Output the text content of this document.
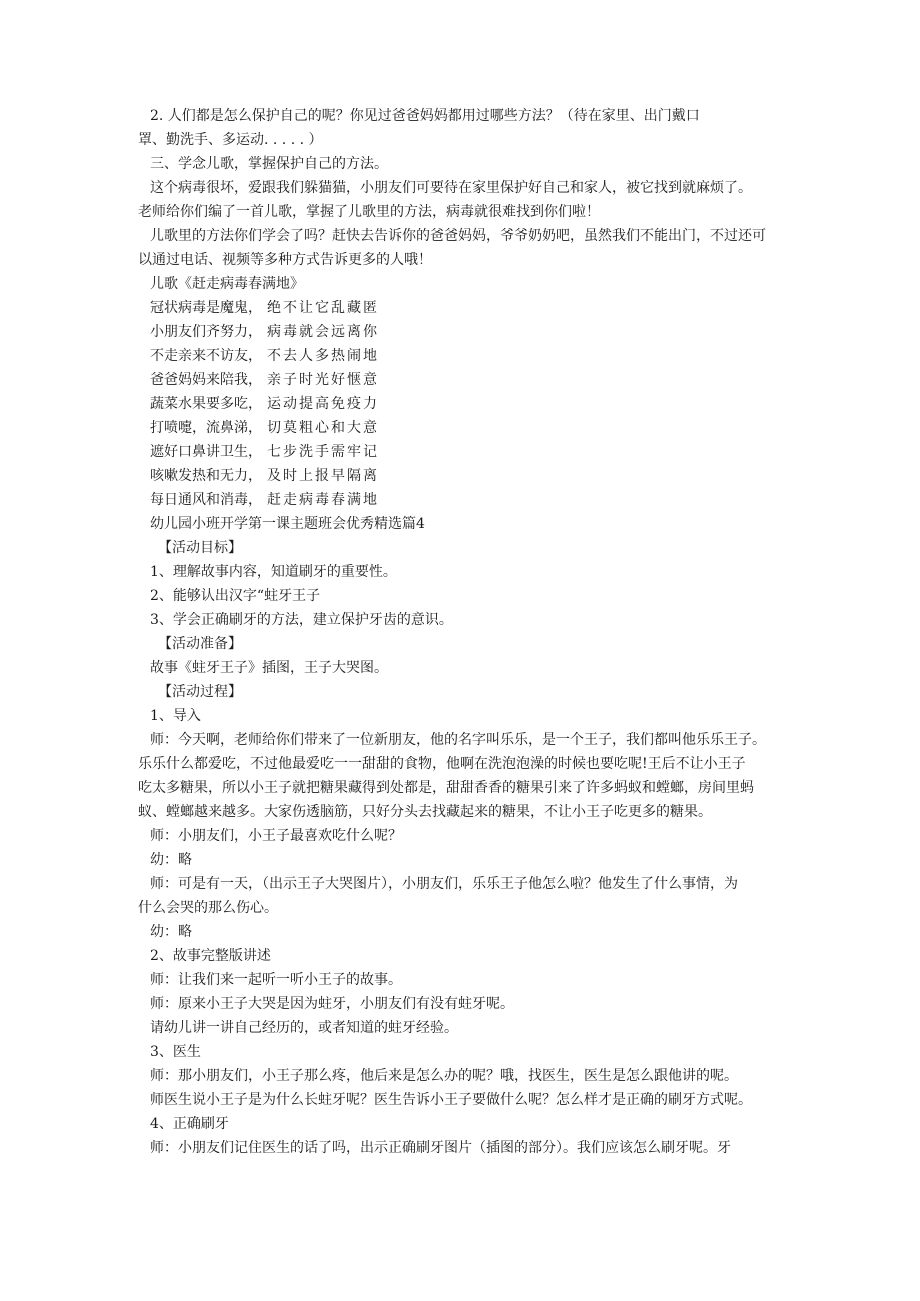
2. 人们都是怎么保护自己的呢？你见过爸爸妈妈都用过哪些方法？（待在家里、出门戴口
罩、勤洗手、多运动. . . . . ）
三、学念儿歌，掌握保护自己的方法。
这个病毒很坏，爱跟我们躲猫猫，小朋友们可要待在家里保护好自己和家人，被它找到就麻烦了。
老师给你们编了一首儿歌，掌握了儿歌里的方法，病毒就很难找到你们啦！
儿歌里的方法你们学会了吗？赶快去告诉你的爸爸妈妈，爷爷奶奶吧，虽然我们不能出门，不过还可
以通过电话、视频等多种方式告诉更多的人哦！
儿歌《赶走病毒春满地》
冠状病毒是魔鬼， 绝不让它乱藏匿
小朋友们齐努力， 病毒就会远离你
不走亲来不访友， 不去人多热闹地
爸爸妈妈来陪我， 亲子时光好惬意
蔬菜水果要多吃， 运动提高免疫力
打喷嚏，流鼻涕， 切莫粗心和大意
遮好口鼻讲卫生， 七步洗手需牢记
咳嗽发热和无力， 及时上报早隔离
每日通风和消毒， 赶走病毒春满地
幼儿园小班开学第一课主题班会优秀精选篇4
【活动目标】
1、理解故事内容，知道刷牙的重要性。
2、能够认出汉字“蛀牙王子
3、学会正确刷牙的方法，建立保护牙齿的意识。
【活动准备】
故事《蛀牙王子》插图，王子大哭图。
【活动过程】
1、导入
师：今天啊，老师给你们带来了一位新朋友，他的名字叫乐乐，是一个王子，我们都叫他乐乐王子。
乐乐什么都爱吃，不过他最爱吃一一甜甜的食物，他啊在洗泡泡澡的时候也要吃呢!王后不让小王子
吃太多糖果，所以小王子就把糖果藏得到处都是，甜甜香香的糖果引来了许多蚂蚁和螳螂，房间里蚂
蚁、螳螂越来越多。大家伤透脑筋，只好分头去找藏起来的糖果，不让小王子吃更多的糖果。
师：小朋友们，小王子最喜欢吃什么呢？
幼：略
师：可是有一天，（出示王子大哭图片），小朋友们，乐乐王子他怎么啦？他发生了什么事情，为
什么会哭的那么伤心。
幼：略
2、故事完整版讲述
师：让我们来一起听一听小王子的故事。
师：原来小王子大哭是因为蛀牙，小朋友们有没有蛀牙呢。
请幼儿讲一讲自己经历的，或者知道的蛀牙经验。
3、医生
师：那小朋友们，小王子那么疼，他后来是怎么办的呢？哦，找医生，医生是怎么跟他讲的呢。
师医生说小王子是为什么长蛀牙呢？医生告诉小王子要做什么呢？怎么样才是正确的刷牙方式呢。
4、正确刷牙
师：小朋友们记住医生的话了吗，出示正确刷牙图片（插图的部分）。我们应该怎么刷牙呢。牙
